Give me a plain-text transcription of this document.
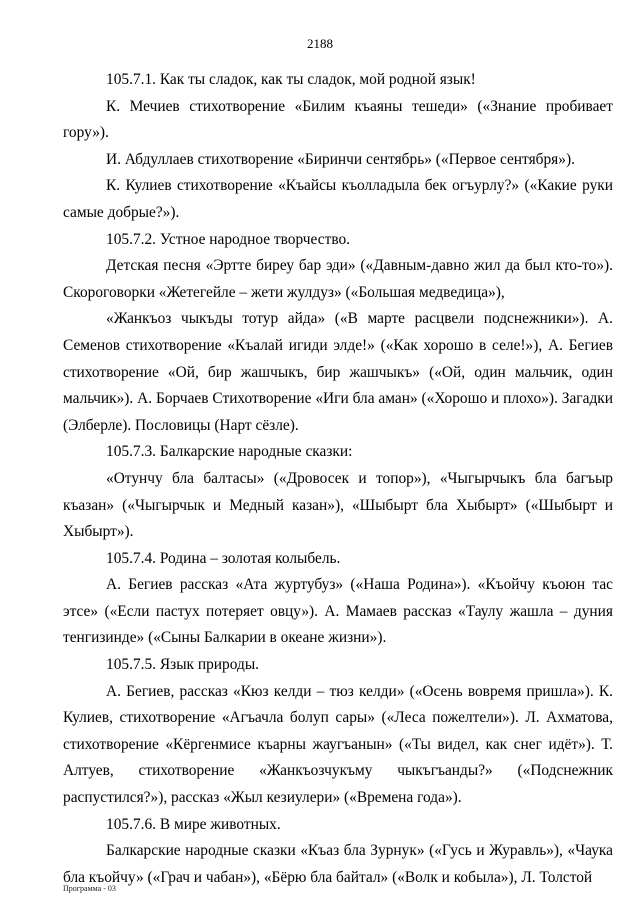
2188

105.7.1. Как ты сладок, как ты сладок, мой родной язык!

К. Мечиев стихотворение «Билим къаяны тешеди» («Знание пробивает гору»).

И. Абдуллаев стихотворение «Биринчи сентябрь» («Первое сентября»).

К. Кулиев стихотворение «Къайсы къолладыла бек огъурлу?» («Какие руки самые добрые?»).

105.7.2. Устное народное творчество.

Детская песня «Эртте биреу бар эди» («Давным-давно жил да был кто-то»). Скороговорки «Жетегейле – жети жулдуз» («Большая медведица»),

«Жанкъоз чыкъды тотур айда» («В марте расцвели подснежники»). А. Семенов стихотворение «Къалай игиди элде!» («Как хорошо в селе!»), А. Бегиев стихотворение «Ой, бир жашчыкъ, бир жашчыкъ» («Ой, один мальчик, один мальчик»). А. Борчаев Стихотворение «Иги бла аман» («Хорошо и плохо»). Загадки (Элберле). Пословицы (Нарт сёзле).

105.7.3. Балкарские народные сказки:

«Отунчу бла балтасы» («Дровосек и топор»), «Чыгырчыкъ бла багъыр къазан» («Чыгырчык и Медный казан»), «Шыбырт бла Хыбырт» («Шыбырт и Хыбырт»).

105.7.4. Родина – золотая колыбель.

А. Бегиев рассказ «Ата журтубуз» («Наша Родина»). «Къойчу къоюн тас этсе» («Если пастух потеряет овцу»). А. Мамаев рассказ «Таулу жашла – дуния тенгизинде» («Сыны Балкарии в океане жизни»).

105.7.5. Язык природы.

А. Бегиев, рассказ «Кюз келди – тюз келди» («Осень вовремя пришла»). К. Кулиев, стихотворение «Агъачла болуп сары» («Леса пожелтели»). Л. Ахматова, стихотворение «Кёргенмисе къарны жаугъанын» («Ты видел, как снег идёт»). Т. Алтуев, стихотворение «Жанкъозчукъму чыкъгъанды?» («Подснежник распустился?»), рассказ «Жыл кезиулери» («Времена года»).

105.7.6. В мире животных.

Балкарские народные сказки «Къаз бла Зурнук» («Гусь и Журавль»), «Чаука бла къойчу» («Грач и чабан»), «Бёрю бла байтал» («Волк и кобыла»), Л. Толстой

Программа - 03
